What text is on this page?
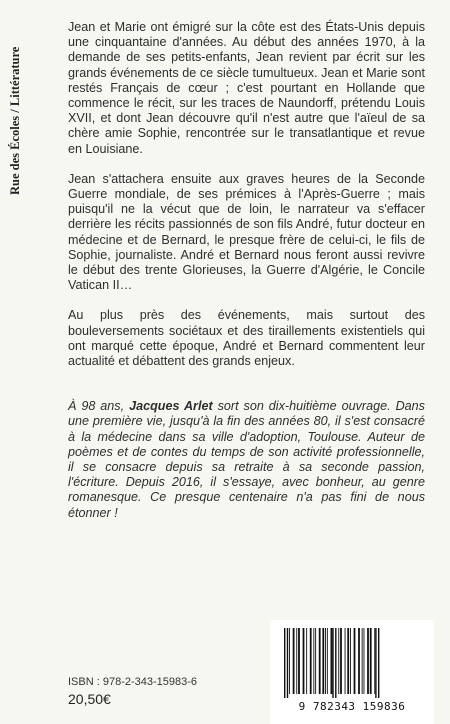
Rue des Écoles / Littérature

Jean et Marie ont émigré sur la côte est des États-Unis depuis une cinquantaine d'années. Au début des années 1970, à la demande de ses petits-enfants, Jean revient par écrit sur les grands événements de ce siècle tumultueux. Jean et Marie sont restés Français de cœur ; c'est pourtant en Hollande que commence le récit, sur les traces de Naundorff, prétendu Louis XVII, et dont Jean découvre qu'il n'est autre que l'aïeul de sa chère amie Sophie, rencontrée sur le transatlantique et revue en Louisiane.

Jean s'attachera ensuite aux graves heures de la Seconde Guerre mondiale, de ses prémices à l'Après-Guerre ; mais puisqu'il ne la vécut que de loin, le narrateur va s'effacer derrière les récits passionnés de son fils André, futur docteur en médecine et de Bernard, le presque frère de celui-ci, le fils de Sophie, journaliste. André et Bernard nous feront aussi revivre le début des trente Glorieuses, la Guerre d'Algérie, le Concile Vatican II…

Au plus près des événements, mais surtout des bouleversements sociétaux et des tiraillements existentiels qui ont marqué cette époque, André et Bernard commentent leur actualité et débattent des grands enjeux.

À 98 ans, Jacques Arlet sort son dix-huitième ouvrage. Dans une première vie, jusqu'à la fin des années 80, il s'est consacré à la médecine dans sa ville d'adoption, Toulouse. Auteur de poèmes et de contes du temps de son activité professionnelle, il se consacre depuis sa retraite à sa seconde passion, l'écriture. Depuis 2016, il s'essaye, avec bonheur, au genre romanesque. Ce presque centenaire n'a pas fini de nous étonner !

ISBN : 978-2-343-15983-6
20,50€	9 782343 159836
